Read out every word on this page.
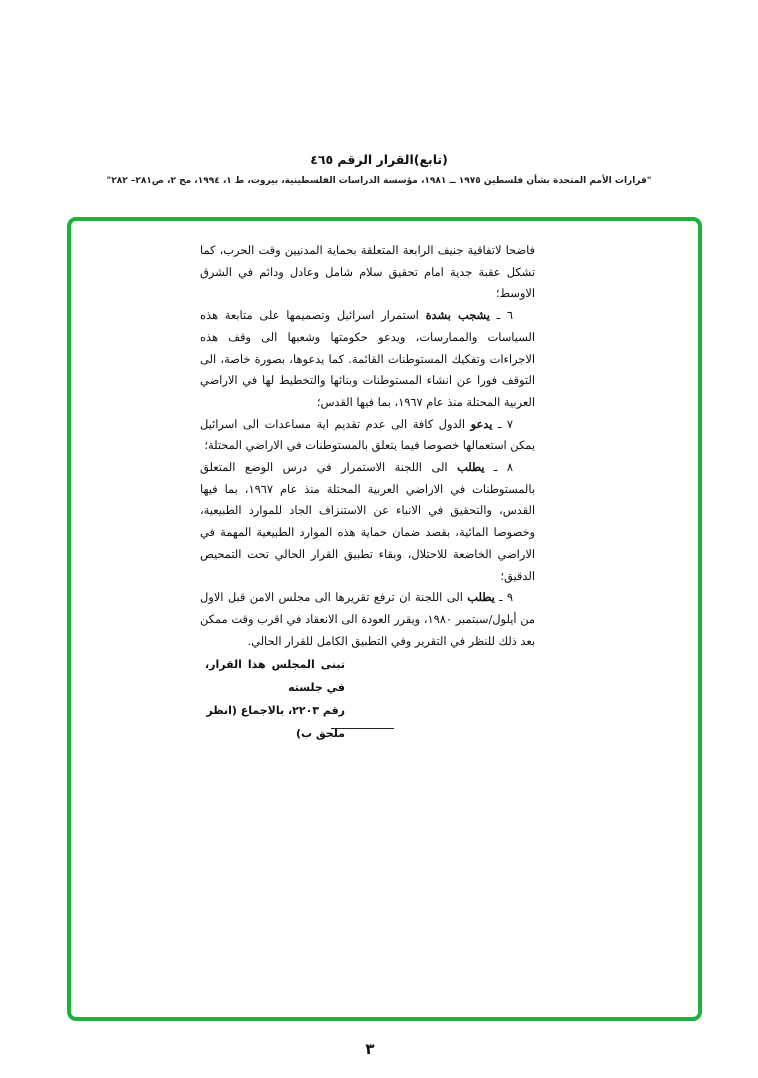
(تابع)القرار الرقم ٤٦٥
"قرارات الأمم المتحدة بشأن فلسطين ١٩٧٥ ــ ١٩٨١، مؤسسة الدراسات الفلسطينية، بيروت، ط ١، ١٩٩٤، مج ٢، ص٢٨١– ٢٨٢"

فاضحا لاتفاقية جنيف الرابعة المتعلقة بحماية المدنيين وقت الحرب، كما تشكل عقبة جدية امام تحقيق سلام شامل وعادل ودائم في الشرق الاوسط؛

٦ ـ يشجب بشدة استمرار اسرائيل وتصميمها على متابعة هذه السياسات والممارسات، ويدعو حكومتها وشعبها الى وقف هذه الاجراءات وتفكيك المستوطنات القائمة. كما يدعوها، بصورة خاصة، الى التوقف فورا عن انشاء المستوطنات وبنائها والتخطيط لها في الاراضي العربية المحتلة منذ عام ١٩٦٧، بما فيها القدس؛

٧ ـ يدعو الدول كافة الى عدم تقديم اية مساعدات الى اسرائيل يمكن استعمالها خصوصا فيما يتعلق بالمستوطنات في الاراضي المحتلة؛

٨ ـ يطلب الى اللجنة الاستمرار في درس الوضع المتعلق بالمستوطنات في الاراضي العربية المحتلة منذ عام ١٩٦٧، بما فيها القدس، والتحقيق في الانباء عن الاستنزاف الجاد للموارد الطبيعية، وخصوصا المائية، بقصد ضمان حماية هذه الموارد الطبيعية المهمة في الاراضي الخاضعة للاحتلال، وبقاء تطبيق القرار الحالي تحت التمحيص الدقيق؛

٩ ـ يطلب الى اللجنة ان ترفع تقريرها الى مجلس الامن قبل الاول من أيلول/سبتمبر ١٩٨٠، ويقرر العودة الى الانعقاد في اقرب وقت ممكن بعد ذلك للنظر في التقرير وفي التطبيق الكامل للقرار الحالي.

تبنى المجلس هذا القرار، في جلسته
رقم ٢٢٠٣، بالاجماع (انظر
ملحق ب)
٣
